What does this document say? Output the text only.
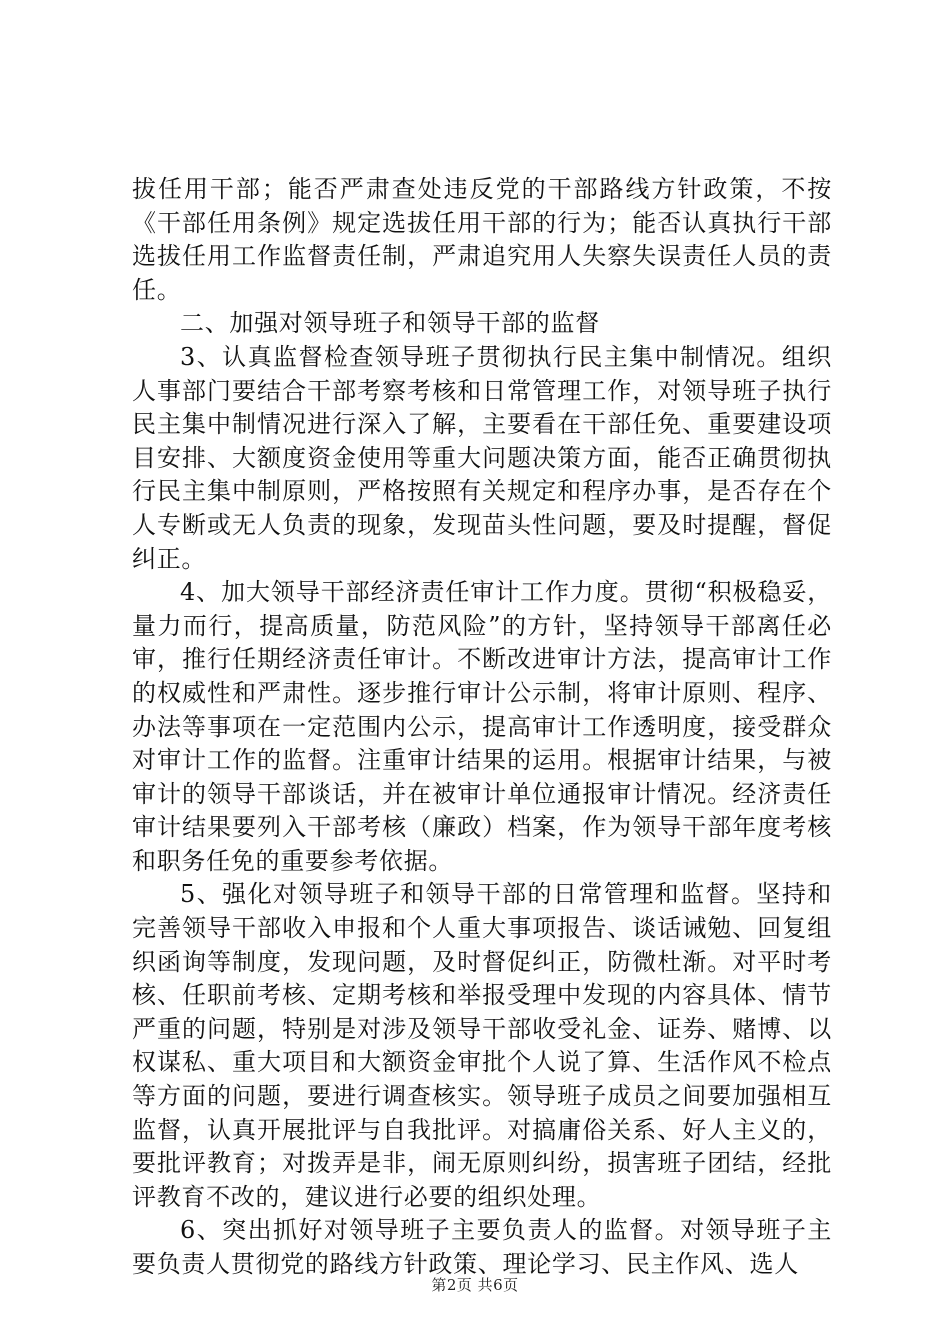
拔任用干部；能否严肃查处违反党的干部路线方针政策，不按《干部任用条例》规定选拔任用干部的行为；能否认真执行干部选拔任用工作监督责任制，严肃追究用人失察失误责任人员的责任。

二、加强对领导班子和领导干部的监督

3、认真监督检查领导班子贯彻执行民主集中制情况。组织人事部门要结合干部考察考核和日常管理工作，对领导班子执行民主集中制情况进行深入了解，主要看在干部任免、重要建设项目安排、大额度资金使用等重大问题决策方面，能否正确贯彻执行民主集中制原则，严格按照有关规定和程序办事，是否存在个人专断或无人负责的现象，发现苗头性问题，要及时提醒，督促纠正。

4、加大领导干部经济责任审计工作力度。贯彻“积极稳妥，量力而行，提高质量，防范风险”的方针，坚持领导干部离任必审，推行任期经济责任审计。不断改进审计方法，提高审计工作的权威性和严肃性。逐步推行审计公示制，将审计原则、程序、办法等事项在一定范围内公示，提高审计工作透明度，接受群众对审计工作的监督。注重审计结果的运用。根据审计结果，与被审计的领导干部谈话，并在被审计单位通报审计情况。经济责任审计结果要列入干部考核（廉政）档案，作为领导干部年度考核和职务任免的重要参考依据。

5、强化对领导班子和领导干部的日常管理和监督。坚持和完善领导干部收入申报和个人重大事项报告、谈话诫勉、回复组织函询等制度，发现问题，及时督促纠正，防微杜渐。对平时考核、任职前考核、定期考核和举报受理中发现的内容具体、情节严重的问题，特别是对涉及领导干部收受礼金、证券、赌博、以权谋私、重大项目和大额资金审批个人说了算、生活作风不检点等方面的问题，要进行调查核实。领导班子成员之间要加强相互监督，认真开展批评与自我批评。对搞庸俗关系、好人主义的，要批评教育；对拨弄是非，闹无原则纠纷，损害班子团结，经批评教育不改的，建议进行必要的组织处理。

6、突出抓好对领导班子主要负责人的监督。对领导班子主要负责人贯彻党的路线方针政策、理论学习、民主作风、选人

第2页 共6页
